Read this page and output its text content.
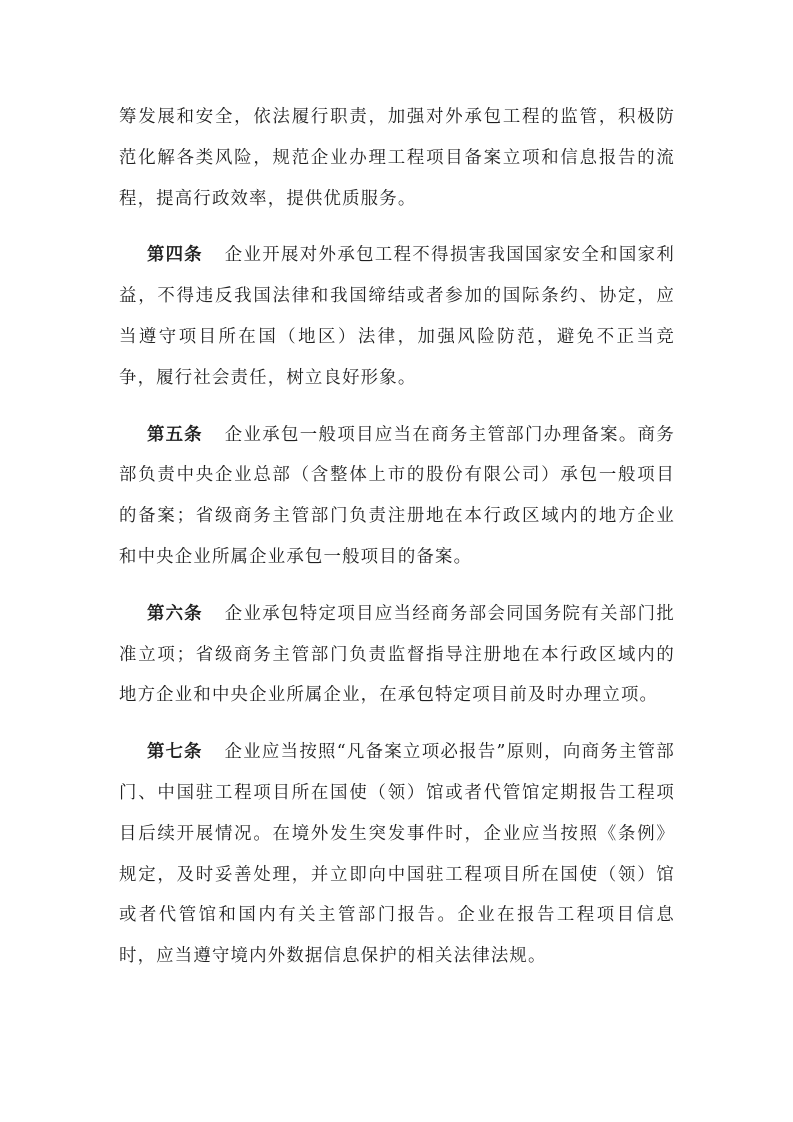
筹发展和安全，依法履行职责，加强对外承包工程的监管，积极防范化解各类风险，规范企业办理工程项目备案立项和信息报告的流程，提高行政效率，提供优质服务。

第四条 企业开展对外承包工程不得损害我国国家安全和国家利益，不得违反我国法律和我国缔结或者参加的国际条约、协定，应当遵守项目所在国（地区）法律，加强风险防范，避免不正当竞争，履行社会责任，树立良好形象。

第五条 企业承包一般项目应当在商务主管部门办理备案。商务部负责中央企业总部（含整体上市的股份有限公司）承包一般项目的备案；省级商务主管部门负责注册地在本行政区域内的地方企业和中央企业所属企业承包一般项目的备案。

第六条 企业承包特定项目应当经商务部会同国务院有关部门批准立项；省级商务主管部门负责监督指导注册地在本行政区域内的地方企业和中央企业所属企业，在承包特定项目前及时办理立项。

第七条 企业应当按照“凡备案立项必报告”原则，向商务主管部门、中国驻工程项目所在国使（领）馆或者代管馆定期报告工程项目后续开展情况。在境外发生突发事件时，企业应当按照《条例》规定，及时妥善处理，并立即向中国驻工程项目所在国使（领）馆或者代管馆和国内有关主管部门报告。企业在报告工程项目信息时，应当遵守境内外数据信息保护的相关法律法规。
